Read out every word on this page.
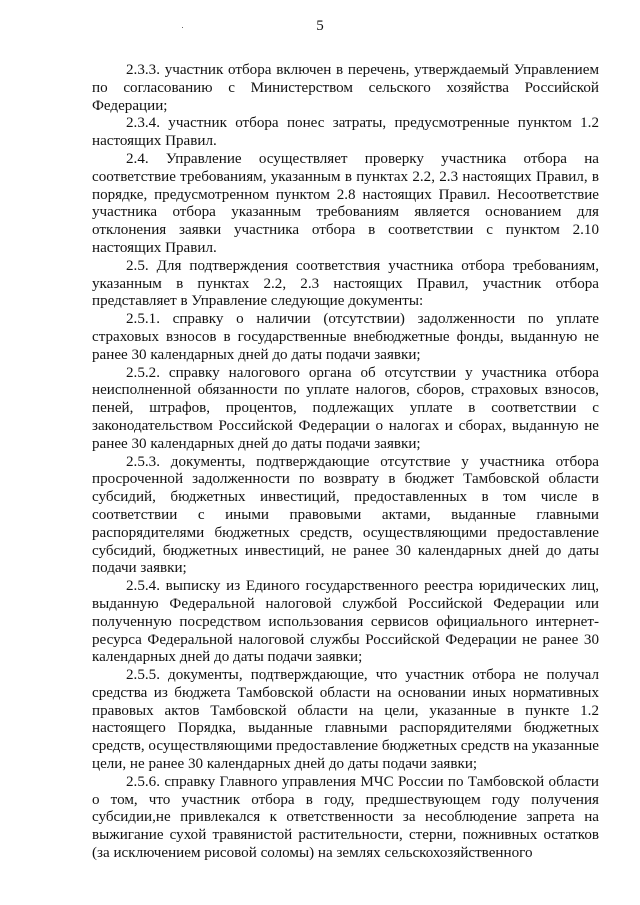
5

2.3.3. участник отбора включен в перечень, утверждаемый Управлением по согласованию с Министерством сельского хозяйства Российской Федерации;

2.3.4. участник отбора понес затраты, предусмотренные пунктом 1.2 настоящих Правил.

2.4. Управление осуществляет проверку участника отбора на соответствие требованиям, указанным в пунктах 2.2, 2.3 настоящих Правил, в порядке, предусмотренном пунктом 2.8 настоящих Правил. Несоответствие участника отбора указанным требованиям является основанием для отклонения заявки участника отбора в соответствии с пунктом 2.10 настоящих Правил.

2.5. Для подтверждения соответствия участника отбора требованиям, указанным в пунктах 2.2, 2.3 настоящих Правил, участник отбора представляет в Управление следующие документы:

2.5.1. справку о наличии (отсутствии) задолженности по уплате страховых взносов в государственные внебюджетные фонды, выданную не ранее 30 календарных дней до даты подачи заявки;

2.5.2. справку налогового органа об отсутствии у участника отбора неисполненной обязанности по уплате налогов, сборов, страховых взносов, пеней, штрафов, процентов, подлежащих уплате в соответствии с законодательством Российской Федерации о налогах и сборах, выданную не ранее 30 календарных дней до даты подачи заявки;

2.5.3. документы, подтверждающие отсутствие у участника отбора просроченной задолженности по возврату в бюджет Тамбовской области субсидий, бюджетных инвестиций, предоставленных в том числе в соответствии с иными правовыми актами, выданные главными распорядителями бюджетных средств, осуществляющими предоставление субсидий, бюджетных инвестиций, не ранее 30 календарных дней до даты подачи заявки;

2.5.4. выписку из Единого государственного реестра юридических лиц, выданную Федеральной налоговой службой Российской Федерации или полученную посредством использования сервисов официального интернет-ресурса Федеральной налоговой службы Российской Федерации не ранее 30 календарных дней до даты подачи заявки;

2.5.5. документы, подтверждающие, что участник отбора не получал средства из бюджета Тамбовской области на основании иных нормативных правовых актов Тамбовской области на цели, указанные в пункте 1.2 настоящего Порядка, выданные главными распорядителями бюджетных средств, осуществляющими предоставление бюджетных средств на указанные цели, не ранее 30 календарных дней до даты подачи заявки;

2.5.6. справку Главного управления МЧС России по Тамбовской области о том, что участник отбора в году, предшествующем году получения субсидии,не привлекался к ответственности за несоблюдение запрета на выжигание сухой травянистой растительности, стерни, пожнивных остатков (за исключением рисовой соломы) на землях сельскохозяйственного
